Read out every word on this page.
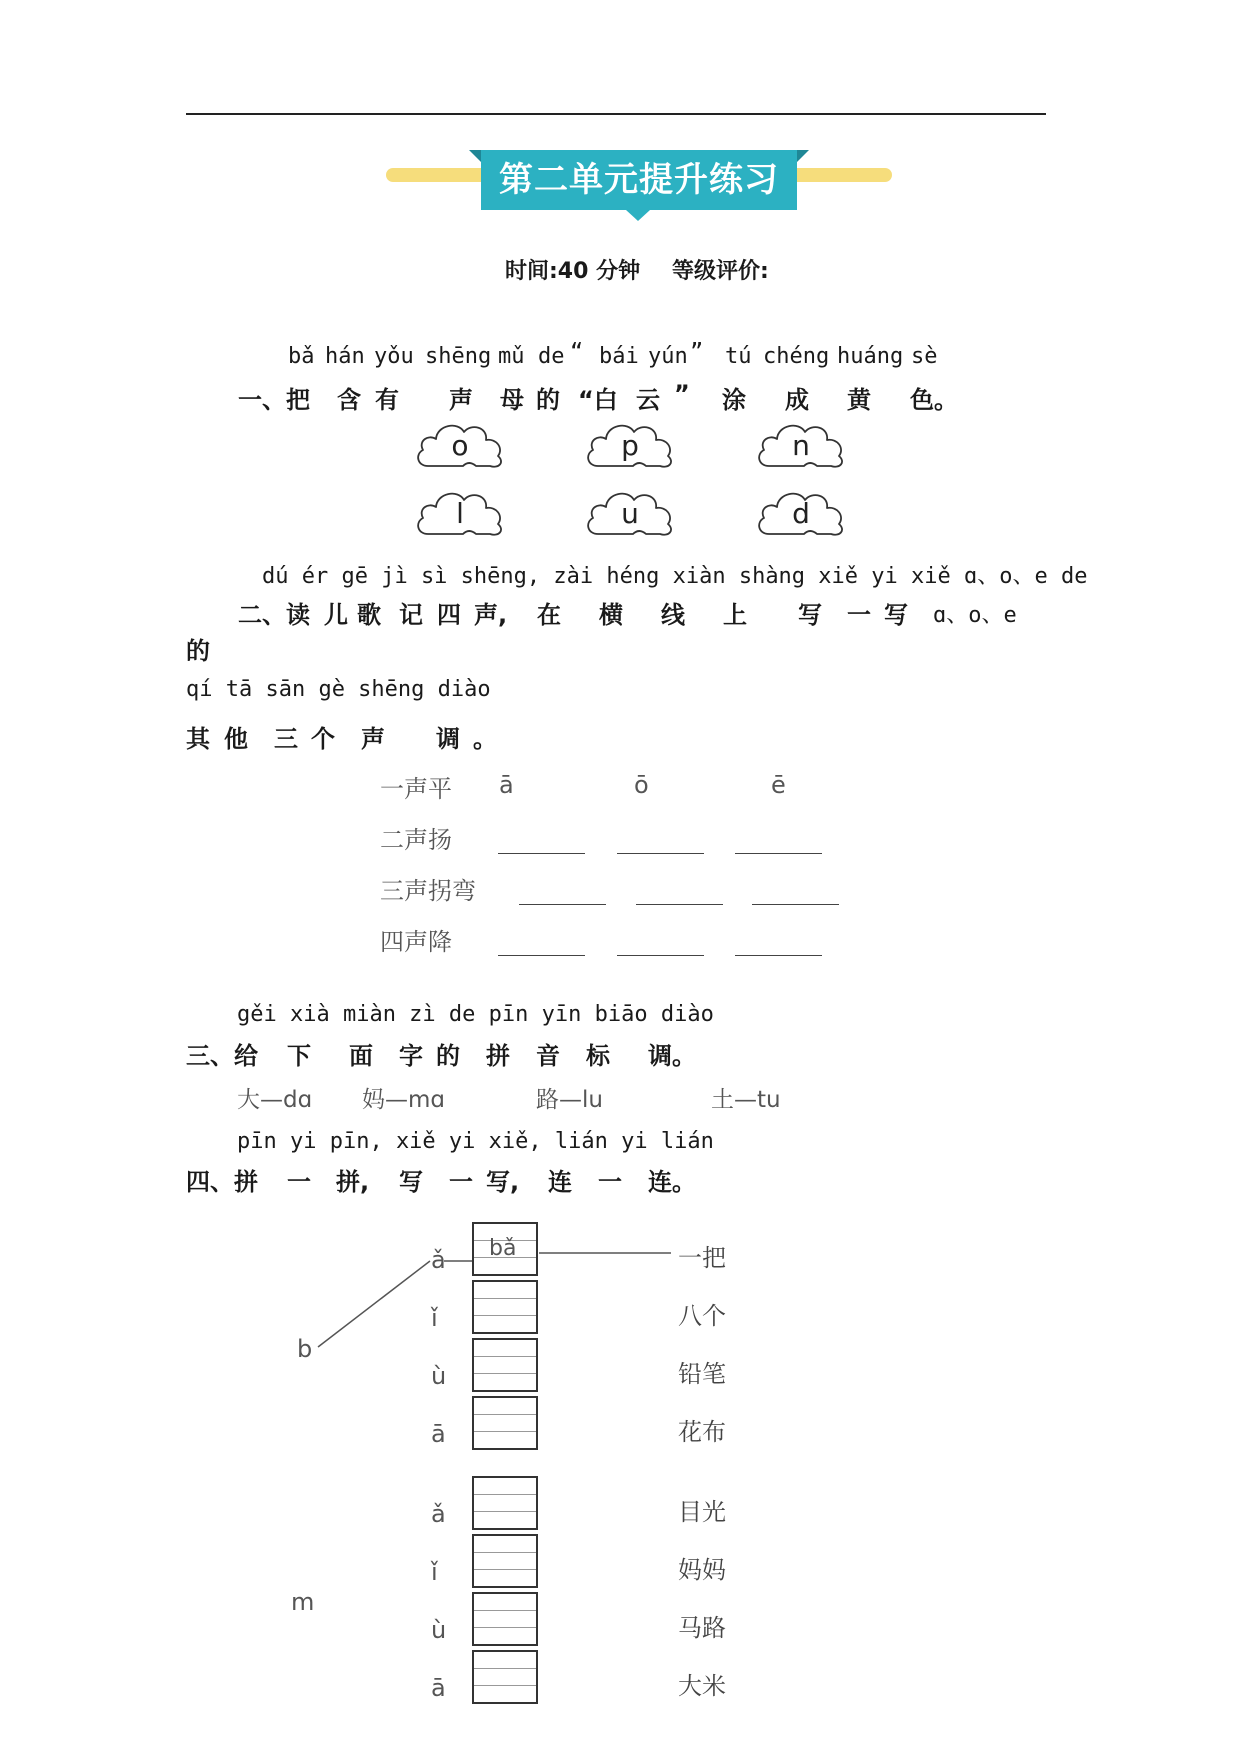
第二单元提升练习
时间:40 分钟 等级评价:
bǎ hán yǒu shēng mǔ de “ bái yún ” tú chéng huáng sè
一、把 含 有 声 母 的 “白 云 ” 涂 成 黄 色。
o	p	n
l	u	d
dú ér gē jì sì shēng, zài héng xiàn shàng xiě yi xiě ɑ、o、e de
二、读 儿 歌 记 四 声, 在 横 线 上 写 一 写 ɑ、o、e
的
qí tā sān gè shēng diào
其 他 三 个 声 调 。
一声平 ā	ō	ē
二声扬
三声拐弯
四声降
gěi xià miàn zì de pīn yīn biāo diào
三、给 下 面 字 的 拼 音 标 调。
大—dɑ 妈—mɑ	路—lu	土—tu
pīn yi pīn, xiě yi xiě, lián yi lián
四、拼 一 拼, 写 一 写, 连 一 连。
b
ǎ
ǐ
ù
ā
bǎ	一把
八个
铅笔
花布
m
ǎ
ǐ
ù
ā
目光
妈妈
马路
大米
